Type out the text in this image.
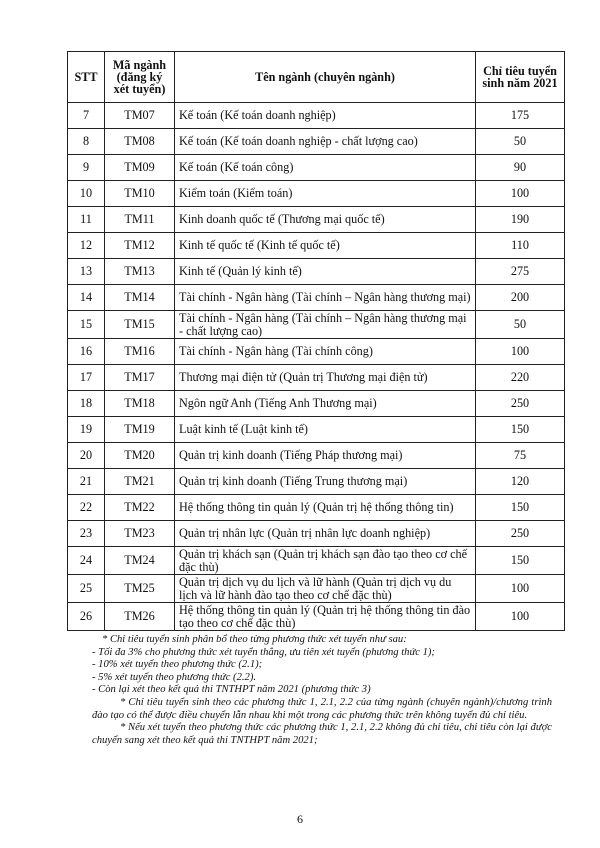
STT	Mã ngành (đăng ký xét tuyển)	Tên ngành (chuyên ngành)	Chỉ tiêu tuyển sinh năm 2021
7	TM07	Kế toán (Kế toán doanh nghiệp)	175
8	TM08	Kế toán (Kế toán doanh nghiệp - chất lượng cao)	50
9	TM09	Kế toán (Kế toán công)	90
10	TM10	Kiểm toán (Kiểm toán)	100
11	TM11	Kinh doanh quốc tế (Thương mại quốc tế)	190
12	TM12	Kinh tế quốc tế (Kinh tế quốc tế)	110
13	TM13	Kinh tế (Quản lý kinh tế)	275
14	TM14	Tài chính - Ngân hàng (Tài chính – Ngân hàng thương mại)	200
15	TM15	Tài chính - Ngân hàng (Tài chính – Ngân hàng thương mại - chất lượng cao)	50
16	TM16	Tài chính - Ngân hàng (Tài chính công)	100
17	TM17	Thương mại điện tử (Quản trị Thương mại điện tử)	220
18	TM18	Ngôn ngữ Anh (Tiếng Anh Thương mại)	250
19	TM19	Luật kinh tế (Luật kinh tế)	150
20	TM20	Quản trị kinh doanh (Tiếng Pháp thương mại)	75
21	TM21	Quản trị kinh doanh (Tiếng Trung thương mại)	120
22	TM22	Hệ thống thông tin quản lý (Quản trị hệ thống thông tin)	150
23	TM23	Quản trị nhân lực (Quản trị nhân lực doanh nghiệp)	250
24	TM24	Quản trị khách sạn (Quản trị khách sạn đào tạo theo cơ chế đặc thù)	150
25	TM25	Quản trị dịch vụ du lịch và lữ hành (Quản trị dịch vụ du lịch và lữ hành đào tạo theo cơ chế đặc thù)	100
26	TM26	Hệ thống thông tin quản lý (Quản trị hệ thống thông tin đào tạo theo cơ chế đặc thù)	100

* Chỉ tiêu tuyển sinh phân bổ theo từng phương thức xét tuyển như sau:

- Tối đa 3% cho phương thức xét tuyển thẳng, ưu tiên xét tuyển (phương thức 1);

- 10% xét tuyển theo phương thức (2.1);

- 5% xét tuyển theo phương thức (2.2).

- Còn lại xét theo kết quả thi TNTHPT năm 2021 (phương thức 3)

* Chỉ tiêu tuyển sinh theo các phương thức 1, 2.1, 2.2 của từng ngành (chuyên ngành)/chương trình đào tạo có thể được điều chuyển lẫn nhau khi một trong các phương thức trên không tuyển đủ chỉ tiêu.

* Nếu xét tuyển theo phương thức các phương thức 1, 2.1, 2.2 không đủ chỉ tiêu, chỉ tiêu còn lại được chuyển sang xét theo kết quả thi TNTHPT năm 2021;

6
